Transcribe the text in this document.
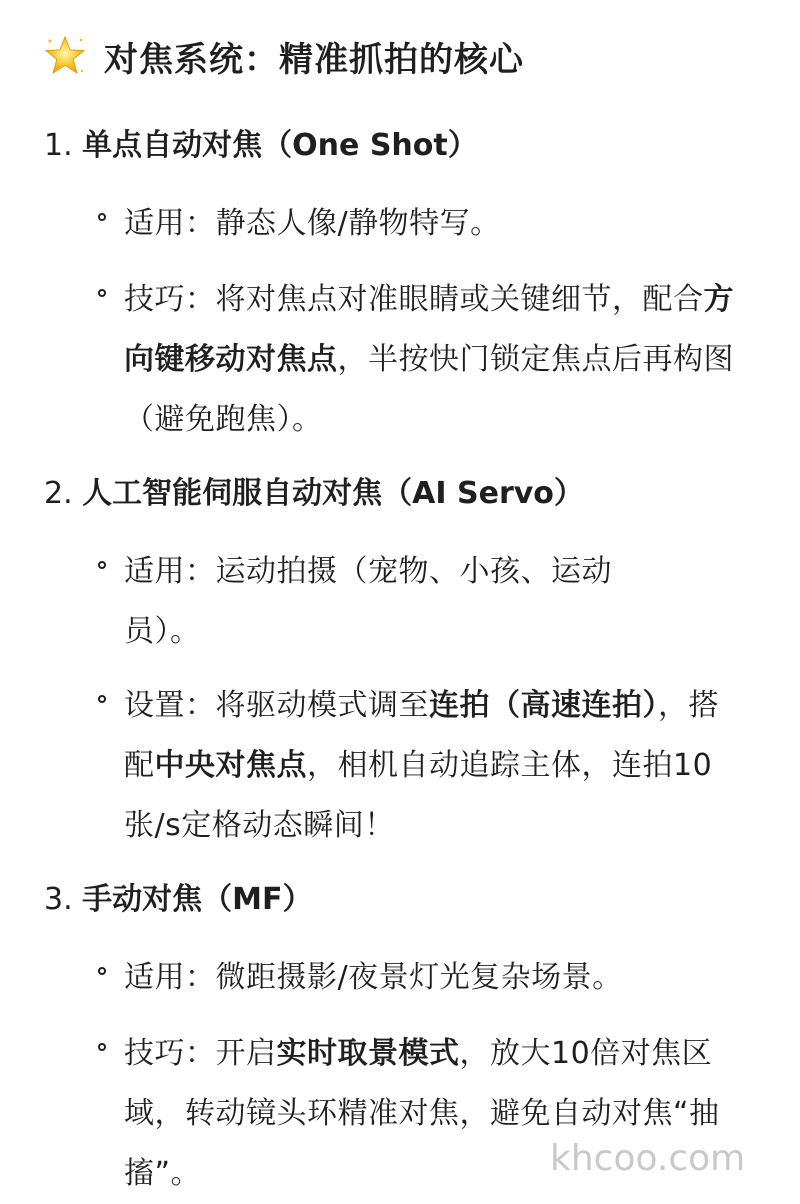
对焦系统：精准抓拍的核心
1. 单点自动对焦（One Shot）
适用：静态人像/静物特写。
技巧：将对焦点对准眼睛或关键细节，配合方向键移动对焦点，半按快门锁定焦点后再构图（避免跑焦）。
2. 人工智能伺服自动对焦（AI Servo）
适用：运动拍摄（宠物、小孩、运动员）。
设置：将驱动模式调至连拍（高速连拍），搭配中央对焦点，相机自动追踪主体，连拍10张/s定格动态瞬间！
3. 手动对焦（MF）
适用：微距摄影/夜景灯光复杂场景。
技巧：开启实时取景模式，放大10倍对焦区域，转动镜头环精准对焦，避免自动对焦“抽搐”。	khcoo.com
